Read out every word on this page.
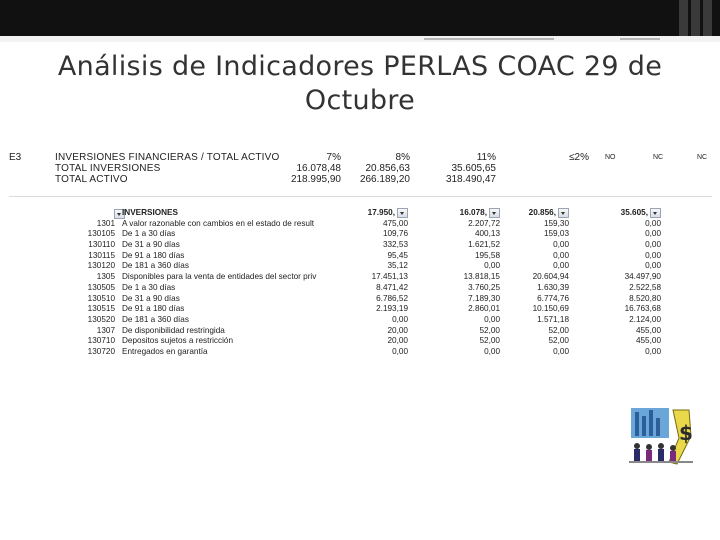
Análisis de Indicadores PERLAS COAC 29 de Octubre
E3	INVERSIONES FINANCIERAS / TOTAL ACTIVO	7%	8%	11%	≤2% NO	NC	NC
TOTAL INVERSIONES	16.078,48 20.856,63	35.605,65
TOTAL ACTIVO	218.995,90 266.189,20	318.490,47
INVERSIONES	17.950,	16.078,	20.856,	35.605,
1301 A valor razonable con cambios en el estado de result	475,00	2.207,72	159,30	0,00
130105 De 1 a 30 días	109,76	400,13	159,03	0,00
130110 De 31 a 90 días	332,53	1.621,52	0,00	0,00
130115 De 91 a 180 días	95,45	195,58	0,00	0,00
130120 De 181 a 360 días	35,12	0,00	0,00	0,00
1305 Disponibles para la venta de entidades del sector priv	17.451,13	13.818,15	20.604,94	34.497,90
130505 De 1 a 30 días	8.471,42	3.760,25	1.630,39	2.522,58
130510 De 31 a 90 días	6.786,52	7.189,30	6.774,76	8.520,80
130515 De 91 a 180 días	2.193,19	2.860,01	10.150,69	16.763,68
130520 De 181 a 360 días	0,00	0,00	1.571,18	2.124,00
1307 De disponibilidad restringida	20,00	52,00	52,00	455,00
130710 Depositos sujetos a restricción	20,00	52,00	52,00	455,00
130720 Entregados en garantía	0,00	0,00	0,00	0,00
$
